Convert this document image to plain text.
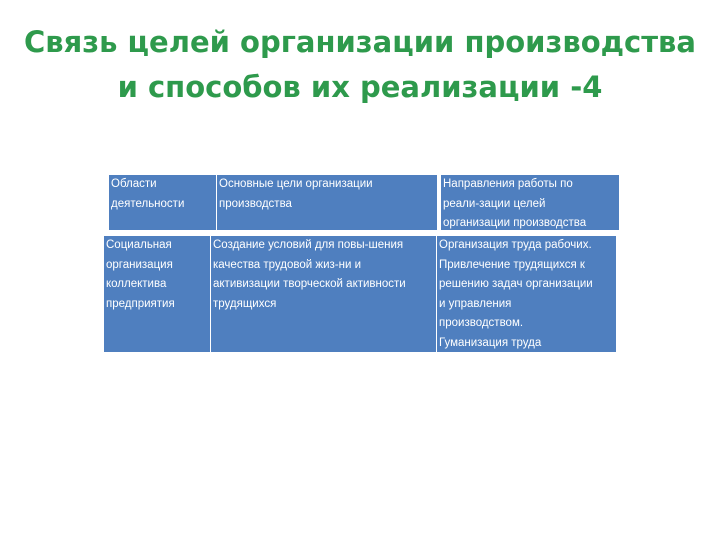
Связь целей организации производства
и способов их реализации -4
Области
деятельности
Основные цели организации
производства
Направления работы по
реали-зации целей
организации производства
Социальная
организация
коллектива
предприятия
Создание условий для повы-шения
качества трудовой жиз-ни и
активизации творческой активности
трудящихся
Организация труда рабочих.
Привлечение трудящихся к
решению задач организации
и управления
производством.
Гуманизация труда
